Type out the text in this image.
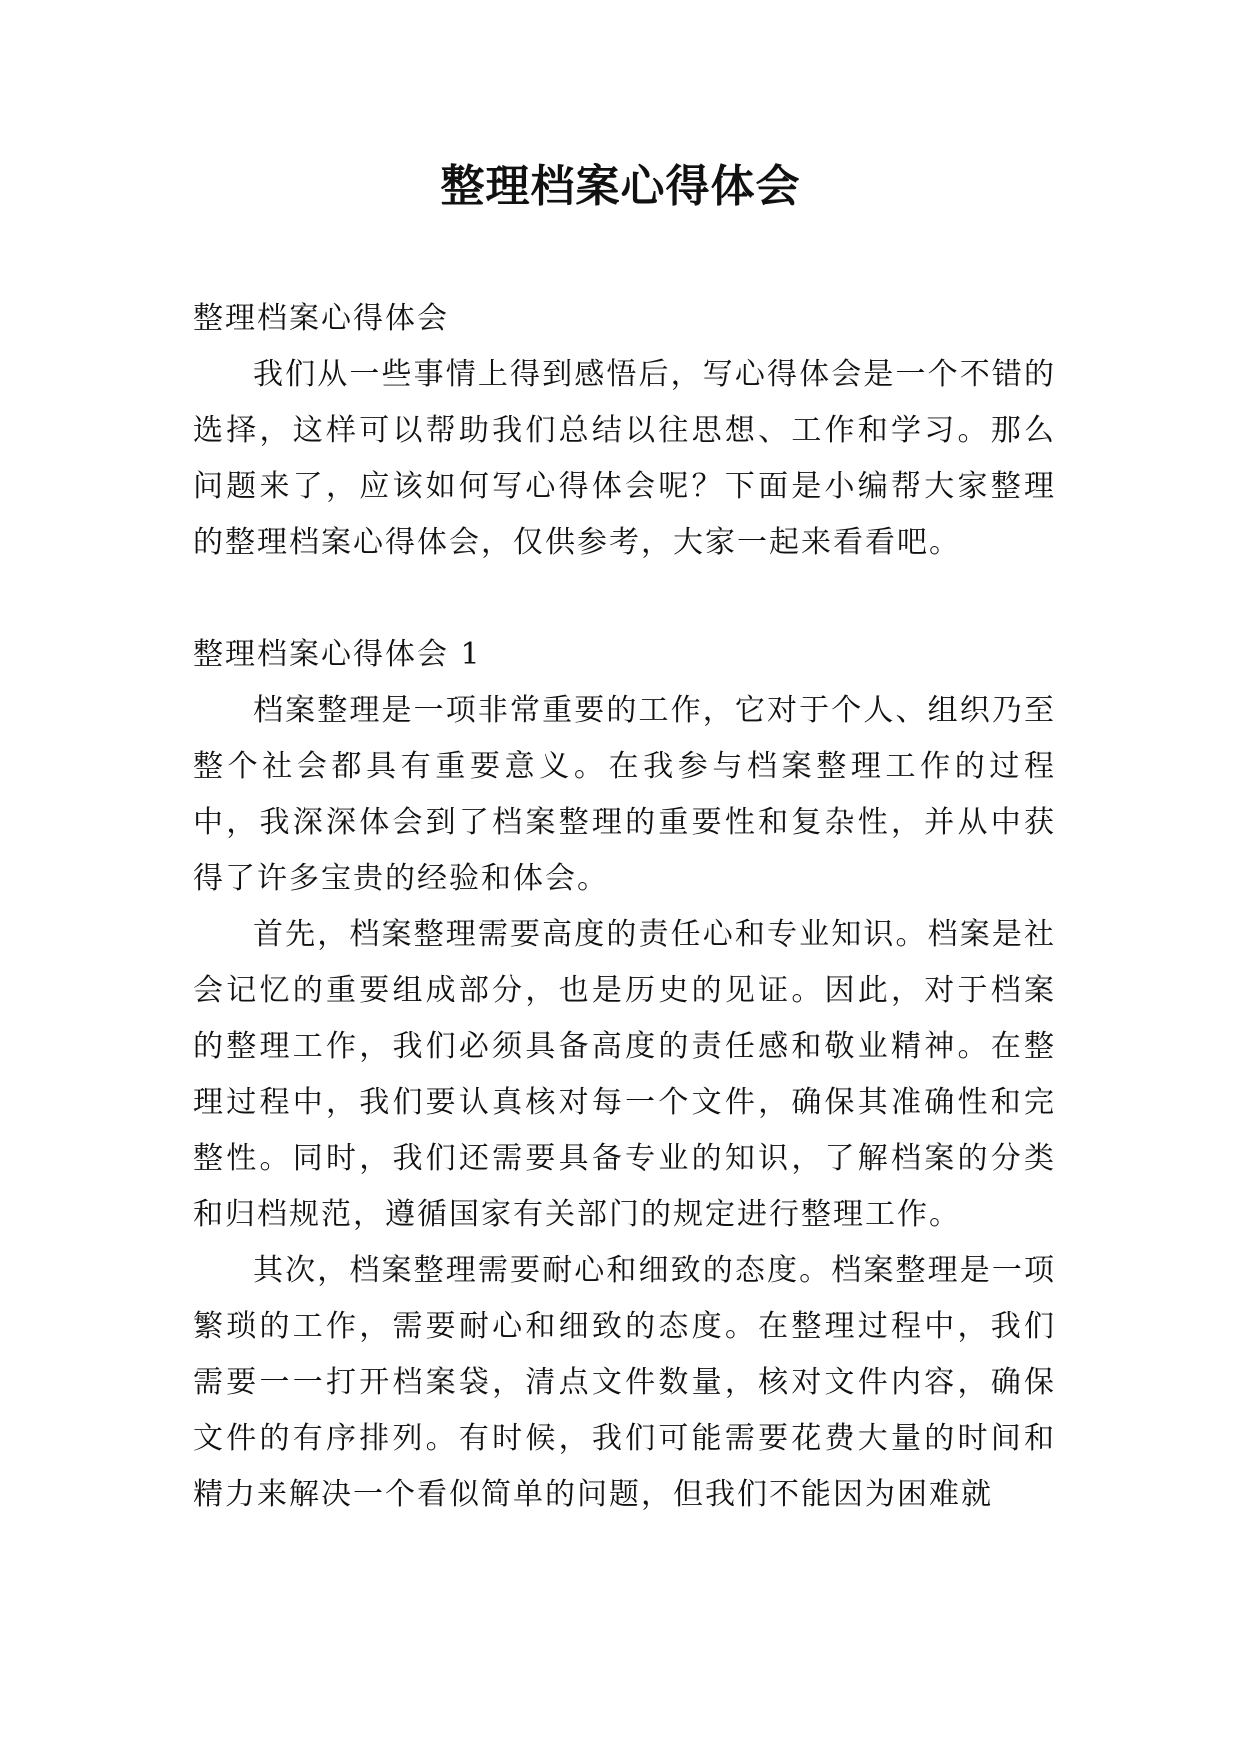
整理档案心得体会

整理档案心得体会

我们从一些事情上得到感悟后，写心得体会是一个不错的选择，这样可以帮助我们总结以往思想、工作和学习。那么问题来了，应该如何写心得体会呢？下面是小编帮大家整理的整理档案心得体会，仅供参考，大家一起来看看吧。

整理档案心得体会 1

档案整理是一项非常重要的工作，它对于个人、组织乃至整个社会都具有重要意义。在我参与档案整理工作的过程中，我深深体会到了档案整理的重要性和复杂性，并从中获得了许多宝贵的经验和体会。

首先，档案整理需要高度的责任心和专业知识。档案是社会记忆的重要组成部分，也是历史的见证。因此，对于档案的整理工作，我们必须具备高度的责任感和敬业精神。在整理过程中，我们要认真核对每一个文件，确保其准确性和完整性。同时，我们还需要具备专业的知识，了解档案的分类和归档规范，遵循国家有关部门的规定进行整理工作。

其次，档案整理需要耐心和细致的态度。档案整理是一项繁琐的工作，需要耐心和细致的态度。在整理过程中，我们需要一一打开档案袋，清点文件数量，核对文件内容，确保文件的有序排列。有时候，我们可能需要花费大量的时间和精力来解决一个看似简单的问题，但我们不能因为困难就
